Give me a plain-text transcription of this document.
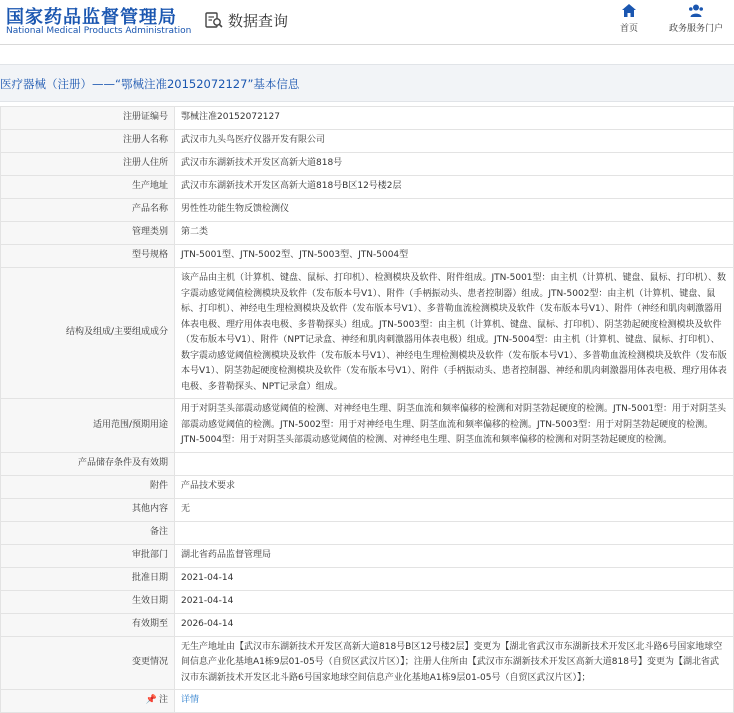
国家药品监督管理局
National Medical Products Administration
数据查询	首页	政务服务门户
医疗器械（注册）——“鄂械注准20152072127”基本信息
注册证编号	鄂械注准20152072127
注册人名称	武汉市九头鸟医疗仪器开发有限公司
注册人住所	武汉市东湖新技术开发区高新大道818号
生产地址	武汉市东湖新技术开发区高新大道818号B区12号楼2层
产品名称	男性性功能生物反馈检测仪
管理类别	第二类
型号规格	JTN-5001型、JTN-5002型、JTN-5003型、JTN-5004型
结构及组成/主要组成成分	该产品由主机（计算机、键盘、鼠标、打印机）、检测模块及软件、附件组成。JTN-5001型：由主机（计算机、键盘、鼠标、打印机）、数字震动感觉阈值检测模块及软件（发布版本号V1）、附件（手柄振动头、患者控制器）组成。JTN-5002型：由主机（计算机、键盘、鼠标、打印机）、神经电生理检测模块及软件（发布版本号V1）、多普勒血流检测模块及软件（发布版本号V1）、附件（神经和肌肉刺激器用体表电极、理疗用体表电极、多普勒探头）组成。JTN-5003型：由主机（计算机、键盘、鼠标、打印机）、阴茎勃起硬度检测模块及软件（发布版本号V1）、附件（NPT记录盒、神经和肌肉刺激器用体表电极）组成。JTN-5004型：由主机（计算机、键盘、鼠标、打印机）、数字震动感觉阈值检测模块及软件（发布版本号V1）、神经电生理检测模块及软件（发布版本号V1）、多普勒血流检测模块及软件（发布版本号V1）、阴茎勃起硬度检测模块及软件（发布版本号V1）、附件（手柄振动头、患者控制器、神经和肌肉刺激器用体表电极、理疗用体表电极、多普勒探头、NPT记录盒）组成。
适用范围/预期用途	用于对阴茎头部震动感觉阈值的检测、对神经电生理、阴茎血流和频率偏移的检测和对阴茎勃起硬度的检测。JTN-5001型：用于对阴茎头部震动感觉阈值的检测。JTN-5002型：用于对神经电生理、阴茎血流和频率偏移的检测。JTN-5003型：用于对阴茎勃起硬度的检测。JTN-5004型：用于对阴茎头部震动感觉阈值的检测、对神经电生理、阴茎血流和频率偏移的检测和对阴茎勃起硬度的检测。
产品储存条件及有效期	
附件	产品技术要求
其他内容	无
备注	
审批部门	湖北省药品监督管理局
批准日期	2021-04-14
生效日期	2021-04-14
有效期至	2026-04-14
变更情况	无生产地址由【武汉市东湖新技术开发区高新大道818号B区12号楼2层】变更为【湖北省武汉市东湖新技术开发区北斗路6号国家地球空间信息产业化基地A1栋9层01-05号（自贸区武汉片区）】；注册人住所由【武汉市东湖新技术开发区高新大道818号】变更为【湖北省武汉市东湖新技术开发区北斗路6号国家地球空间信息产业化基地A1栋9层01-05号（自贸区武汉片区）】；
📌 注	详情
